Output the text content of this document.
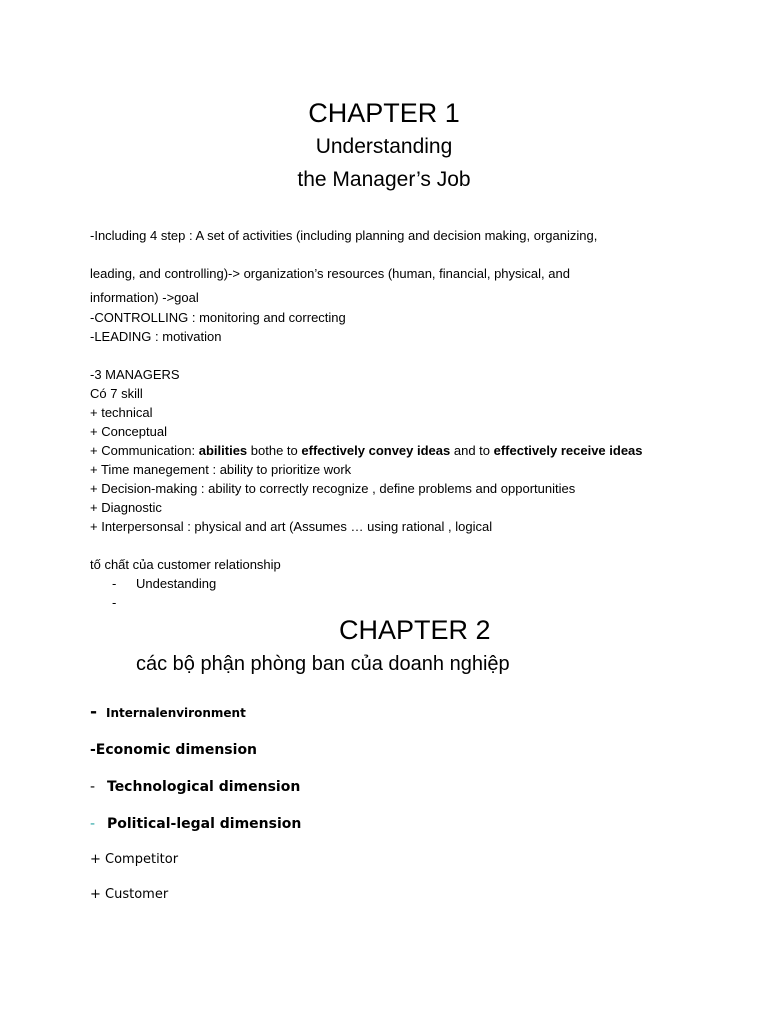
CHAPTER 1
Understanding
the Manager’s Job
-Including 4 step : A set of activities (including planning and decision making, organizing,
leading, and controlling)-> organization’s resources (human, financial, physical, and
information) ->goal
-CONTROLLING : monitoring and correcting
-LEADING : motivation
-3 MANAGERS
Có 7 skill
+ technical
+ Conceptual
+ Communication: abilities bothe to effectively convey ideas and to effectively receive ideas
+ Time manegement : ability to prioritize work
+ Decision-making : ability to correctly recognize , define problems and opportunities
+ Diagnostic
+ Interpersonsal : physical and art (Assumes … using rational , logical
tố chất của customer relationship
- Undestanding
-
CHAPTER 2
các bộ phận phòng ban của doanh nghiệp
- Internalenvironment
-Economic dimension
- Technological dimension
- Political-legal dimension
+ Competitor
+ Customer
